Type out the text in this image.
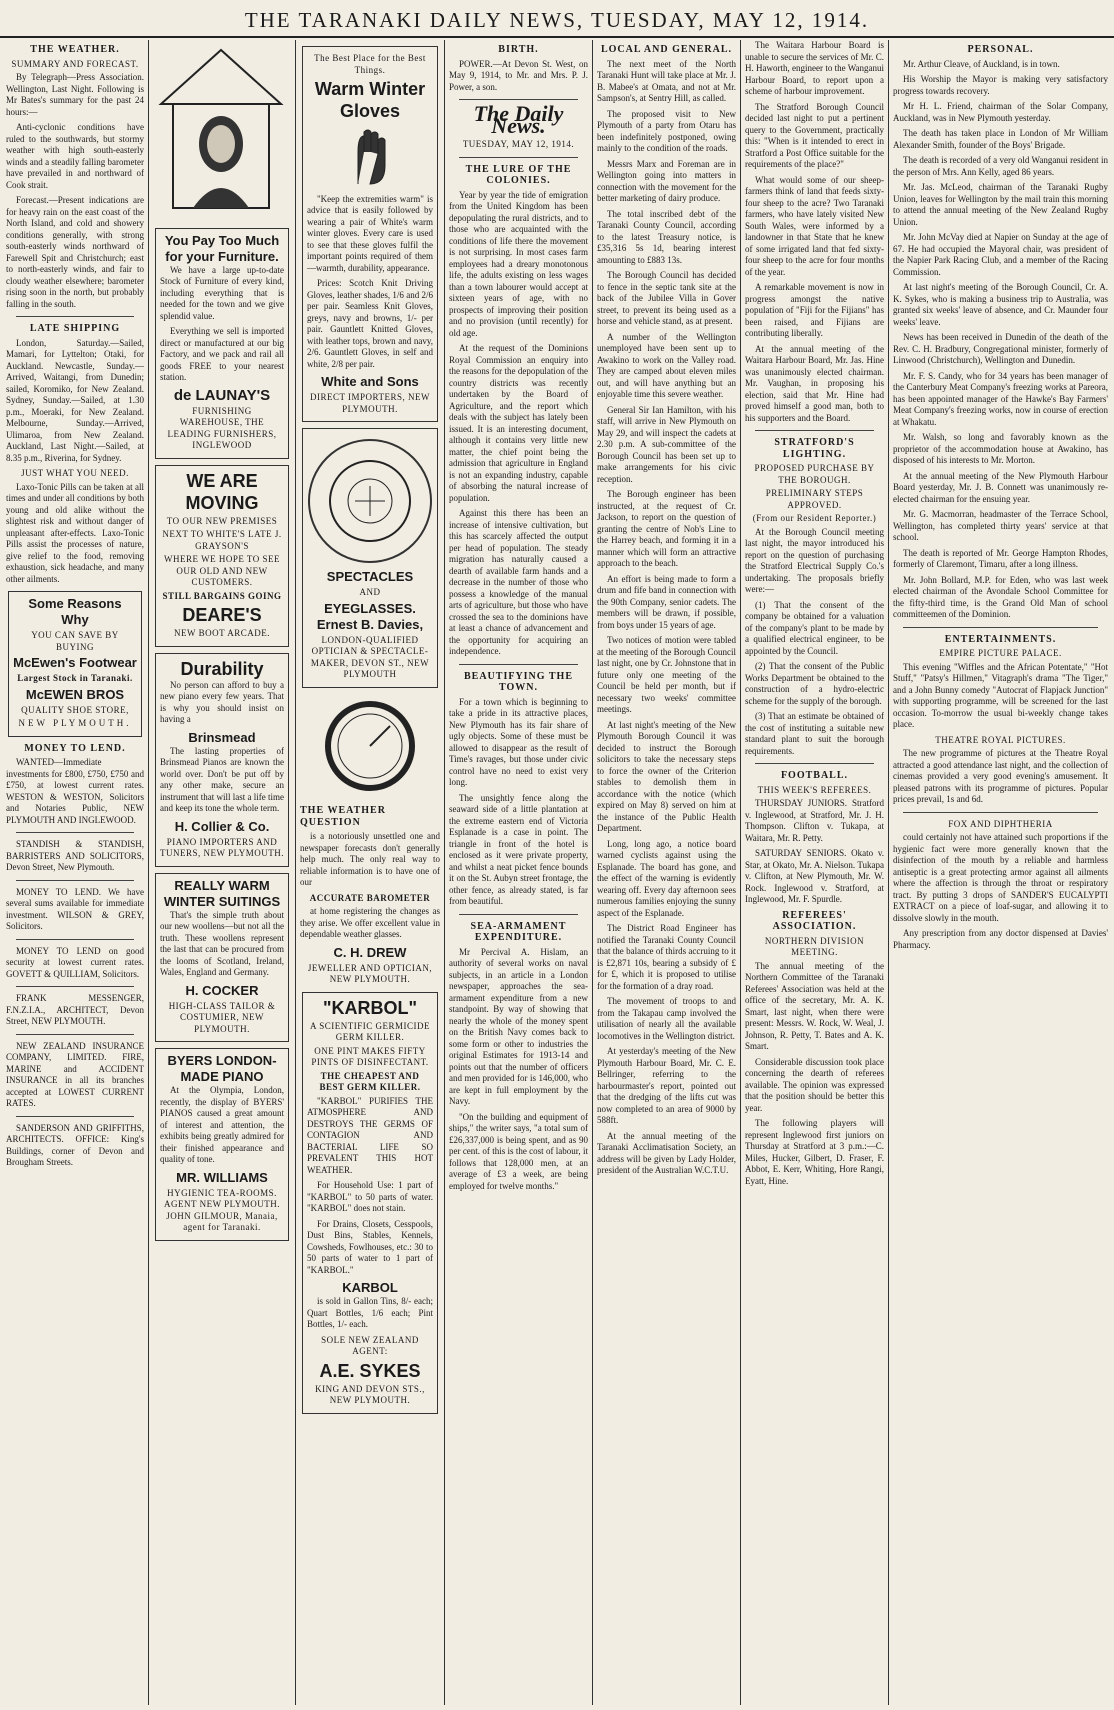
THE TARANAKI DAILY NEWS, TUESDAY, MAY 12, 1914.
THE WEATHER.
SUMMARY AND FORECAST.

By Telegraph—Press Association. Wellington, Last Night. Following is Mr Bates's summary for the past 24 hours:—

Anti-cyclonic conditions have ruled to the southwards, but stormy weather with high south-easterly winds and a steadily falling barometer have prevailed in and northward of Cook strait.

Forecast.—Present indications are for heavy rain on the east coast of the North Island, and cold and showery conditions generally, with strong south-easterly winds northward of Farewell Spit and Christchurch; east to north-easterly winds, and fair to cloudy weather elsewhere; barometer rising soon in the north, but probably falling in the south.

LATE SHIPPING

London, Saturday.—Sailed, Mamari, for Lyttelton; Otaki, for Auckland. Newcastle, Sunday.—Arrived, Waitangi, from Dunedin; sailed, Koromiko, for New Zealand. Sydney, Sunday.—Sailed, at 1.30 p.m., Moeraki, for New Zealand. Melbourne, Sunday.—Arrived, Ulimaroa, from New Zealand. Auckland, Last Night.—Sailed, at 8.35 p.m., Riverina, for Sydney.

JUST WHAT YOU NEED.

Laxo-Tonic Pills can be taken at all times and under all conditions by both young and old alike without the slightest risk and without danger of unpleasant after-effects. Laxo-Tonic Pills assist the processes of nature, give relief to the food, removing exhaustion, sick headache, and many other ailments.

Some Reasons Why
YOU CAN SAVE BY BUYING
McEwen's Footwear
Largest Stock in Taranaki.
McEWEN BROS
QUALITY SHOE STORE,
NEW PLYMOUTH.
MONEY TO LEND.

WANTED—Immediate investments for £800, £750, £750 and £750, at lowest current rates. WESTON & WESTON, Solicitors and Notaries Public, NEW PLYMOUTH AND INGLEWOOD.

STANDISH & STANDISH, BARRISTERS AND SOLICITORS, Devon Street, New Plymouth.

MONEY TO LEND. We have several sums available for immediate investment. WILSON & GREY, Solicitors.

MONEY TO LEND on good security at lowest current rates. GOVETT & QUILLIAM, Solicitors.

FRANK MESSENGER, F.N.Z.I.A., ARCHITECT, Devon Street, NEW PLYMOUTH.

NEW ZEALAND INSURANCE COMPANY, LIMITED. FIRE, MARINE and ACCIDENT INSURANCE in all its branches accepted at LOWEST CURRENT RATES.

SANDERSON AND GRIFFITHS, ARCHITECTS. OFFICE: King's Buildings, corner of Devon and Brougham Streets.

You Pay Too Much
for your Furniture.

We have a large up-to-date Stock of Furniture of every kind, including everything that is needed for the town and we give splendid value.

Everything we sell is imported direct or manufactured at our big Factory, and we pack and rail all goods FREE to your nearest station.

de LAUNAY'S
FURNISHING WAREHOUSE, THE LEADING FURNISHERS, INGLEWOOD
WE ARE
MOVING
TO OUR NEW PREMISES
NEXT TO WHITE'S LATE J. GRAYSON'S
WHERE WE HOPE TO SEE OUR OLD AND NEW CUSTOMERS.
STILL BARGAINS GOING
DEARE'S
NEW BOOT ARCADE.
Durability

No person can afford to buy a new piano every few years. That is why you should insist on having a

Brinsmead

The lasting properties of Brinsmead Pianos are known the world over. Don't be put off by any other make, secure an instrument that will last a life time and keep its tone the whole term.

H. Collier & Co.
PIANO IMPORTERS AND TUNERS, NEW PLYMOUTH.
REALLY WARM WINTER SUITINGS

That's the simple truth about our new woollens—but not all the truth. These woollens represent the last that can be procured from the looms of Scotland, Ireland, Wales, England and Germany.

H. COCKER
HIGH-CLASS TAILOR & COSTUMIER, NEW PLYMOUTH.
BYERS LONDON-MADE PIANO

At the Olympia, London, recently, the display of BYERS' PIANOS caused a great amount of interest and attention, the exhibits being greatly admired for their finished appearance and quality of tone.

MR. WILLIAMS
HYGIENIC TEA-ROOMS. AGENT NEW PLYMOUTH. JOHN GILMOUR, Manaia, agent for Taranaki.
The Best Place for the Best Things.
Warm Winter Gloves

"Keep the extremities warm" is advice that is easily followed by wearing a pair of White's warm winter gloves. Every care is used to see that these gloves fulfil the important points required of them—warmth, durability, appearance.

Prices: Scotch Knit Driving Gloves, leather shades, 1/6 and 2/6 per pair. Seamless Knit Gloves, greys, navy and browns, 1/- per pair. Gauntlett Knitted Gloves, with leather tops, brown and navy, 2/6. Gauntlett Gloves, in self and white, 2/8 per pair.

White and Sons
DIRECT IMPORTERS, NEW PLYMOUTH.
SPECTACLES
AND
EYEGLASSES.
Ernest B. Davies,
LONDON-QUALIFIED OPTICIAN & SPECTACLE-MAKER, DEVON ST., NEW PLYMOUTH
THE WEATHER QUESTION

is a notoriously unsettled one and newspaper forecasts don't generally help much. The only real way to reliable information is to have one of our

ACCURATE BAROMETER

at home registering the changes as they arise. We offer excellent value in dependable weather glasses.

C. H. DREW
JEWELLER AND OPTICIAN, NEW PLYMOUTH.
"KARBOL"
A SCIENTIFIC GERMICIDE GERM KILLER.
ONE PINT MAKES FIFTY PINTS OF DISINFECTANT.
THE CHEAPEST AND BEST GERM KILLER.

"KARBOL" PURIFIES THE ATMOSPHERE AND DESTROYS THE GERMS OF CONTAGION AND BACTERIAL LIFE SO PREVALENT THIS HOT WEATHER.

For Household Use: 1 part of "KARBOL" to 50 parts of water. "KARBOL" does not stain.

For Drains, Closets, Cesspools, Dust Bins, Stables, Kennels, Cowsheds, Fowlhouses, etc.: 30 to 50 parts of water to 1 part of "KARBOL."

KARBOL

is sold in Gallon Tins, 8/- each; Quart Bottles, 1/6 each; Pint Bottles, 1/- each.

SOLE NEW ZEALAND AGENT:
A.E. SYKES
KING AND DEVON STS., NEW PLYMOUTH.
BIRTH.

POWER.—At Devon St. West, on May 9, 1914, to Mr. and Mrs. P. J. Power, a son.

The Daily News.
TUESDAY, MAY 12, 1914.
THE LURE OF THE COLONIES.

Year by year the tide of emigration from the United Kingdom has been depopulating the rural districts, and to those who are acquainted with the conditions of life there the movement is not surprising. In most cases farm employees had a dreary monotonous life, the adults existing on less wages than a town labourer would accept at sixteen years of age, with no prospects of improving their position and no provision (until recently) for old age.

At the request of the Dominions Royal Commission an enquiry into the reasons for the depopulation of the country districts was recently undertaken by the Board of Agriculture, and the report which deals with the subject has lately been issued. It is an interesting document, although it contains very little new matter, the chief point being the admission that agriculture in England is not an expanding industry, capable of absorbing the natural increase of population.

Against this there has been an increase of intensive cultivation, but this has scarcely affected the output per head of population. The steady migration has naturally caused a dearth of available farm hands and a decrease in the number of those who possess a knowledge of the manual arts of agriculture, but those who have crossed the sea to the dominions have at least a chance of advancement and the opportunity for acquiring an independence.

BEAUTIFYING THE TOWN.

For a town which is beginning to take a pride in its attractive places, New Plymouth has its fair share of ugly objects. Some of these must be allowed to disappear as the result of Time's ravages, but those under civic control have no need to exist very long.

The unsightly fence along the seaward side of a little plantation at the extreme eastern end of Victoria Esplanade is a case in point. The triangle in front of the hotel is enclosed as it were private property, and whilst a neat picket fence bounds it on the St. Aubyn street frontage, the other fence, as already stated, is far from beautiful.

SEA-ARMAMENT EXPENDITURE.

Mr Percival A. Hislam, an authority of several works on naval subjects, in an article in a London newspaper, approaches the sea-armament expenditure from a new standpoint. By way of showing that nearly the whole of the money spent on the British Navy comes back to some form or other to industries the original Estimates for 1913-14 and points out that the number of officers and men provided for is 146,000, who are kept in full employment by the Navy.

"On the building and equipment of ships," the writer says, "a total sum of £26,337,000 is being spent, and as 90 per cent. of this is the cost of labour, it follows that 128,000 men, at an average of £3 a week, are being employed for twelve months."

LOCAL AND GENERAL.

The next meet of the North Taranaki Hunt will take place at Mr. J. B. Mabee's at Omata, and not at Mr. Sampson's, at Sentry Hill, as called.

The proposed visit to New Plymouth of a party from Otaru has been indefinitely postponed, owing mainly to the condition of the roads.

Messrs Marx and Foreman are in Wellington going into matters in connection with the movement for the better marketing of dairy produce.

The total inscribed debt of the Taranaki County Council, according to the latest Treasury notice, is £35,316 5s 1d, bearing interest amounting to £883 13s.

The Borough Council has decided to fence in the septic tank site at the back of the Jubilee Villa in Gover street, to prevent its being used as a horse and vehicle stand, as at present.

A number of the Wellington unemployed have been sent up to Awakino to work on the Valley road. They are camped about eleven miles out, and will have anything but an enjoyable time this severe weather.

General Sir Ian Hamilton, with his staff, will arrive in New Plymouth on May 29, and will inspect the cadets at 2.30 p.m. A sub-committee of the Borough Council has been set up to make arrangements for his civic reception.

The Borough engineer has been instructed, at the request of Cr. Jackson, to report on the question of granting the centre of Nob's Line to the Harrey beach, and forming it in a manner which will form an attractive approach to the beach.

An effort is being made to form a drum and fife band in connection with the 90th Company, senior cadets. The members will be drawn, if possible, from boys under 15 years of age.

Two notices of motion were tabled at the meeting of the Borough Council last night, one by Cr. Johnstone that in future only one meeting of the Council be held per month, but if necessary two weeks' committee meetings.

At last night's meeting of the New Plymouth Borough Council it was decided to instruct the Borough solicitors to take the necessary steps to force the owner of the Criterion stables to demolish them in accordance with the notice (which expired on May 8) served on him at the instance of the Public Health Department.

Long, long ago, a notice board warned cyclists against using the Esplanade. The board has gone, and the effect of the warning is evidently wearing off. Every day afternoon sees numerous families enjoying the sunny aspect of the Esplanade.

The District Road Engineer has notified the Taranaki County Council that the balance of thirds accruing to it is £2,871 10s, bearing a subsidy of £ for £, which it is proposed to utilise for the formation of a dray road.

The movement of troops to and from the Takapau camp involved the utilisation of nearly all the available locomotives in the Wellington district.

At yesterday's meeting of the New Plymouth Harbour Board, Mr. C. E. Bellringer, referring to the harbourmaster's report, pointed out that the dredging of the lifts cut was now completed to an area of 9000 by 588ft.

At the annual meeting of the Taranaki Acclimatisation Society, an address will be given by Lady Holder, president of the Australian W.C.T.U.

The Waitara Harbour Board is unable to secure the services of Mr. C. H. Haworth, engineer to the Wanganui Harbour Board, to report upon a scheme of harbour improvement.

The Stratford Borough Council decided last night to put a pertinent query to the Government, practically this: "When is it intended to erect in Stratford a Post Office suitable for the requirements of the place?"

What would some of our sheep-farmers think of land that feeds sixty-four sheep to the acre? Two Taranaki farmers, who have lately visited New South Wales, were informed by a landowner in that State that he knew of some irrigated land that fed sixty-four sheep to the acre for four months of the year.

A remarkable movement is now in progress amongst the native population of "Fiji for the Fijians" has been raised, and Fijians are contributing liberally.

At the annual meeting of the Waitara Harbour Board, Mr. Jas. Hine was unanimously elected chairman. Mr. Vaughan, in proposing his election, said that Mr. Hine had proved himself a good man, both to his supporters and the Board.

STRATFORD'S LIGHTING.
PROPOSED PURCHASE BY THE BOROUGH.
PRELIMINARY STEPS APPROVED.
(From our Resident Reporter.)

At the Borough Council meeting last night, the mayor introduced his report on the question of purchasing the Stratford Electrical Supply Co.'s undertaking. The proposals briefly were:—

(1) That the consent of the company be obtained for a valuation of the company's plant to be made by a qualified electrical engineer, to be appointed by the Council.

(2) That the consent of the Public Works Department be obtained to the construction of a hydro-electric scheme for the supply of the borough.

(3) That an estimate be obtained of the cost of instituting a suitable new standard plant to suit the borough requirements.

FOOTBALL.
THIS WEEK'S REFEREES.

THURSDAY JUNIORS. Stratford v. Inglewood, at Stratford, Mr. J. H. Thompson. Clifton v. Tukapa, at Waitara, Mr. R. Petty.

SATURDAY SENIORS. Okato v. Star, at Okato, Mr. A. Nielson. Tukapa v. Clifton, at New Plymouth, Mr. W. Rock. Inglewood v. Stratford, at Inglewood, Mr. F. Spurdle.

REFEREES' ASSOCIATION.
NORTHERN DIVISION MEETING.

The annual meeting of the Northern Committee of the Taranaki Referees' Association was held at the office of the secretary, Mr. A. K. Smart, last night, when there were present: Messrs. W. Rock, W. Weal, J. Johnson, R. Petty, T. Bates and A. K. Smart.

Considerable discussion took place concerning the dearth of referees available. The opinion was expressed that the position should be better this year.

The following players will represent Inglewood first juniors on Thursday at Stratford at 3 p.m.:—C. Miles, Hucker, Gilbert, D. Fraser, F. Abbot, E. Kerr, Whiting, Hore Rangi, Eyatt, Hine.

PERSONAL.

Mr. Arthur Cleave, of Auckland, is in town.

His Worship the Mayor is making very satisfactory progress towards recovery.

Mr H. L. Friend, chairman of the Solar Company, Auckland, was in New Plymouth yesterday.

The death has taken place in London of Mr William Alexander Smith, founder of the Boys' Brigade.

The death is recorded of a very old Wanganui resident in the person of Mrs. Ann Kelly, aged 86 years.

Mr. Jas. McLeod, chairman of the Taranaki Rugby Union, leaves for Wellington by the mail train this morning to attend the annual meeting of the New Zealand Rugby Union.

Mr. John McVay died at Napier on Sunday at the age of 67. He had occupied the Mayoral chair, was president of the Napier Park Racing Club, and a member of the Racing Commission.

At last night's meeting of the Borough Council, Cr. A. K. Sykes, who is making a business trip to Australia, was granted six weeks' leave of absence, and Cr. Maunder four weeks' leave.

News has been received in Dunedin of the death of the Rev. C. H. Bradbury, Congregational minister, formerly of Linwood (Christchurch), Wellington and Dunedin.

Mr. F. S. Candy, who for 34 years has been manager of the Canterbury Meat Company's freezing works at Pareora, has been appointed manager of the Hawke's Bay Farmers' Meat Company's freezing works, now in course of erection at Whakatu.

Mr. Walsh, so long and favorably known as the proprietor of the accommodation house at Awakino, has disposed of his interests to Mr. Morton.

At the annual meeting of the New Plymouth Harbour Board yesterday, Mr. J. B. Connett was unanimously re-elected chairman for the ensuing year.

Mr. G. Macmorran, headmaster of the Terrace School, Wellington, has completed thirty years' service at that school.

The death is reported of Mr. George Hampton Rhodes, formerly of Claremont, Timaru, after a long illness.

Mr. John Bollard, M.P. for Eden, who was last week elected chairman of the Avondale School Committee for the fifty-third time, is the Grand Old Man of school committeemen of the Dominion.

ENTERTAINMENTS.
EMPIRE PICTURE PALACE.

This evening "Wiffles and the African Potentate," "Hot Stuff," "Patsy's Hillmen," Vitagraph's drama "The Tiger," and a John Bunny comedy "Autocrat of Flapjack Junction" with supporting programme, will be screened for the last occasion. To-morrow the usual bi-weekly change takes place.

THEATRE ROYAL PICTURES.

The new programme of pictures at the Theatre Royal attracted a good attendance last night, and the collection of cinemas provided a very good evening's amusement. It pleased patrons with its programme of pictures. Popular prices prevail, 1s and 6d.

FOX AND DIPHTHERIA

could certainly not have attained such proportions if the hygienic fact were more generally known that the disinfection of the mouth by a reliable and harmless antiseptic is a great protecting armor against all ailments where the affection is through the throat or respiratory tract. By putting 3 drops of SANDER'S EUCALYPTI EXTRACT on a piece of loaf-sugar, and allowing it to dissolve slowly in the mouth.

Any prescription from any doctor dispensed at Davies' Pharmacy.
